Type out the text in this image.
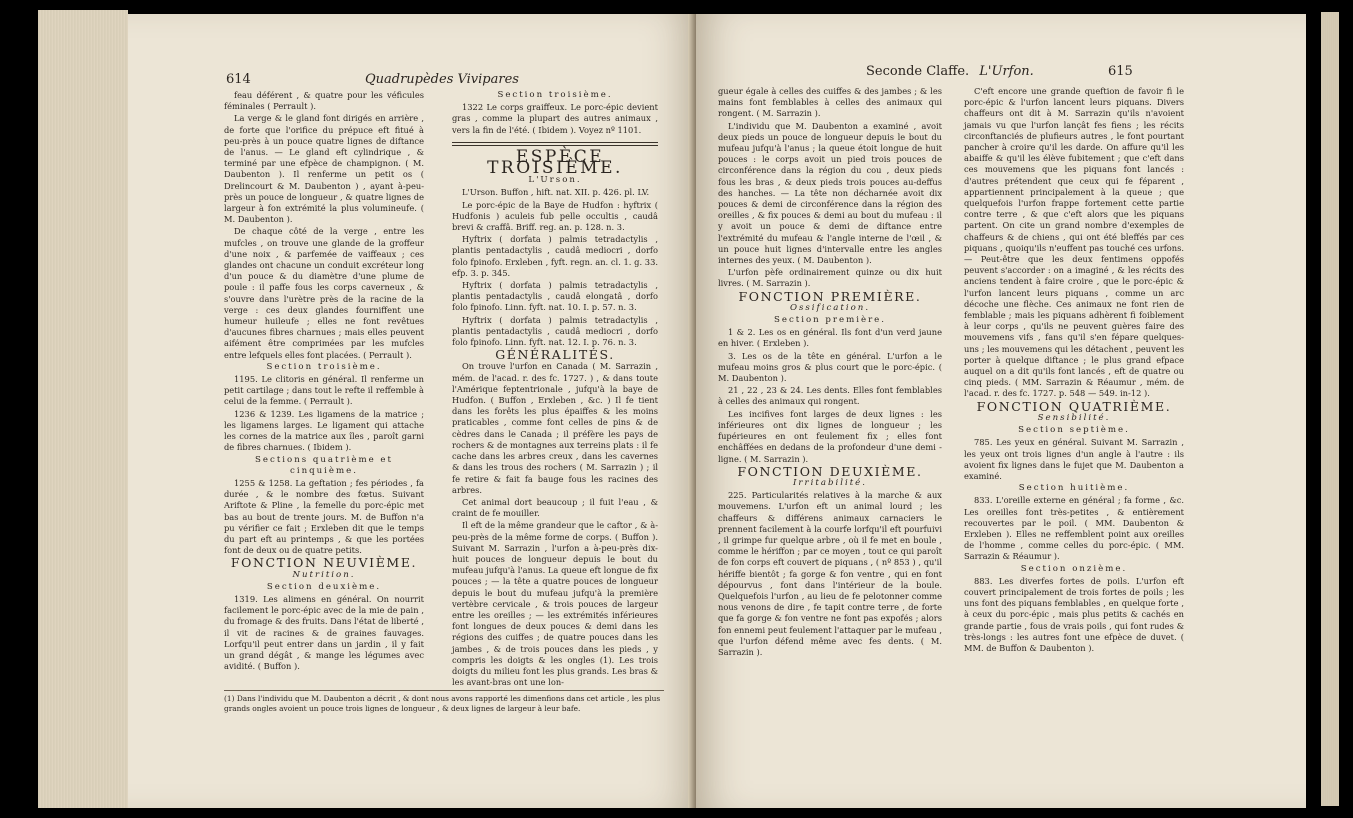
614	Quadrupèdes Vivipares

feau déférent , & quatre pour les véficules féminales ( Perrault ).

La verge & le gland font dirigés en arrière , de forte que l'orifice du prépuce eft fitué à peu-près à un pouce quatre lignes de diftance de l'anus. — Le gland eft cylindrique , & terminé par une efpèce de champignon. ( M. Daubenton ). Il renferme un petit os ( Drelincourt & M. Daubenton ) , ayant à-peu-près un pouce de longueur , & quatre lignes de largeur à fon extrémité la plus volumineufe. ( M. Daubenton ).

De chaque côté de la verge , entre les mufcles , on trouve une glande de la groffeur d'une noix , & parfemée de vaiffeaux ; ces glandes ont chacune un conduit excréteur long d'un pouce & du diamètre d'une plume de poule : il paffe fous les corps caverneux , & s'ouvre dans l'urètre près de la racine de la verge : ces deux glandes fourniffent une humeur huileufe ; elles ne font revêtues d'aucunes fibres charnues ; mais elles peuvent aifément être comprimées par les mufcles entre lefquels elles font placées. ( Perrault ).

Section troisième.

1195. Le clitoris en général. Il renferme un petit cartilage ; dans tout le refte il reffemble à celui de la femme. ( Perrault ).

1236 & 1239. Les ligamens de la matrice ; les ligamens larges. Le ligament qui attache les cornes de la matrice aux îles , paroît garni de fibres charnues. ( Ibidem ).

Sections quatrième et cinquième.

1255 & 1258. La geftation ; fes périodes , fa durée , & le nombre des fœtus. Suivant Ariftote & Pline , la femelle du porc-épic met bas au bout de trente jours. M. de Buffon n'a pu vérifier ce fait ; Erxleben dit que le temps du part eft au printemps , & que les portées font de deux ou de quatre petits.

FONCTION NEUVIÈME.

Nutrition.

Section deuxième.

1319. Les alimens en général. On nourrit facilement le porc-épic avec de la mie de pain , du fromage & des fruits. Dans l'état de liberté , il vit de racines & de graines fauvages. Lorfqu'il peut entrer dans un jardin , il y fait un grand dégât , & mange les légumes avec avidité. ( Buffon ).

Section troisième.

1322 Le corps graiffeux. Le porc-épic devient gras , comme la plupart des autres animaux , vers la fin de l'été. ( Ibidem ). Voyez nº 1101.

ESPÈCE TROISIÈME.

L'Urson.

L'Urson. Buffon , hift. nat. XII. p. 426. pl. LV.

Le porc-épic de la Baye de Hudfon : hyftrix ( Hudfonis ) aculeis fub pelle occultis , caudâ brevi & craffâ. Briff. reg. an. p. 128. n. 3.

Hyftrix ( dorfata ) palmis tetradactylis , plantis pentadactylis , caudâ mediocri , dorfo folo fpinofo. Erxleben , fyft. regn. an. cl. 1. g. 33. efp. 3. p. 345.

Hyftrix ( dorfata ) palmis tetradactylis , plantis pentadactylis , caudâ elongatâ , dorfo folo fpinofo. Linn. fyft. nat. 10. I. p. 57. n. 3.

Hyftrix ( dorfata ) palmis tetradactylis , plantis pentadactylis , caudâ mediocri , dorfo folo fpinofo. Linn. fyft. nat. 12. I. p. 76. n. 3.

GÉNÉRALITÉS.

On trouve l'urfon en Canada ( M. Sarrazin , mém. de l'acad. r. des fc. 1727. ) , & dans toute l'Amérique feptentrionale , jufqu'à la baye de Hudfon. ( Buffon , Erxleben , &c. ) Il fe tient dans les forêts les plus épaiffes & les moins praticables , comme font celles de pins & de cèdres dans le Canada ; il préfère les pays de rochers & de montagnes aux terreins plats : il fe cache dans les arbres creux , dans les cavernes & dans les trous des rochers ( M. Sarrazin ) ; il fe retire & fait fa bauge fous les racines des arbres.

Cet animal dort beaucoup ; il fuit l'eau , & craint de fe mouiller.

Il eft de la même grandeur que le caftor , & à-peu-près de la même forme de corps. ( Buffon ). Suivant M. Sarrazin , l'urfon a à-peu-près dix-huit pouces de longueur depuis le bout du mufeau jufqu'à l'anus. La queue eft longue de fix pouces ; — la tête a quatre pouces de longueur depuis le bout du mufeau jufqu'à la première vertèbre cervicale , & trois pouces de largeur entre les oreilles ; — les extrémités inférieures font longues de deux pouces & demi dans les régions des cuiffes ; de quatre pouces dans les jambes , & de trois pouces dans les pieds , y compris les doigts & les ongles (1). Les trois doigts du milieu font les plus grands. Les bras & les avant-bras ont une lon-

(1) Dans l'individu que M. Daubenton a décrit , & dont nous avons rapporté les dimenfions dans cet article , les plus grands ongles avoient un pouce trois lignes de longueur , & deux lignes de largeur à leur bafe.
Seconde Claffe. L'Urfon.	615

gueur égale à celles des cuiffes & des jambes ; & les mains font femblables à celles des animaux qui rongent. ( M. Sarrazin ).

L'individu que M. Daubenton a examiné , avoit deux pieds un pouce de longueur depuis le bout du mufeau jufqu'à l'anus ; la queue étoit longue de huit pouces : le corps avoit un pied trois pouces de circonférence dans la région du cou , deux pieds fous les bras , & deux pieds trois pouces au-deffus des hanches. — La tête non décharnée avoit dix pouces & demi de circonférence dans la région des oreilles , & fix pouces & demi au bout du mufeau : il y avoit un pouce & demi de diftance entre l'extrémité du mufeau & l'angle interne de l'œil , & un pouce huit lignes d'intervalle entre les angles internes des yeux. ( M. Daubenton ).

L'urfon pèfe ordinairement quinze ou dix huit livres. ( M. Sarrazin ).

FONCTION PREMIÈRE.

Ossification.

Section première.

1 & 2. Les os en général. Ils font d'un verd jaune en hiver. ( Erxleben ).

3. Les os de la tête en général. L'urfon a le mufeau moins gros & plus court que le porc-épic. ( M. Daubenton ).

21 , 22 , 23 & 24. Les dents. Elles font femblables à celles des animaux qui rongent.

Les incifives font larges de deux lignes : les inférieures ont dix lignes de longueur ; les fupérieures en ont feulement fix ; elles font enchâffées en dedans de la profondeur d'une demi - ligne. ( M. Sarrazin ).

FONCTION DEUXIÈME.

Irritabilité.

225. Particularités relatives à la marche & aux mouvemens. L'urfon eft un animal lourd ; les chaffeurs & différens animaux carnaciers le prennent facilement à la courfe lorfqu'il eft pourfuivi , il grimpe fur quelque arbre , où il fe met en boule , comme le hériffon ; par ce moyen , tout ce qui paroît de fon corps eft couvert de piquans , ( nº 853 ) , qu'il hériffe bientôt ; fa gorge & fon ventre , qui en font dépourvus , font dans l'intérieur de la boule. Quelquefois l'urfon , au lieu de fe pelotonner comme nous venons de dire , fe tapit contre terre , de forte que fa gorge & fon ventre ne font pas expofés ; alors fon ennemi peut feulement l'attaquer par le mufeau , que l'urfon défend même avec fes dents. ( M. Sarrazin ).

C'eft encore une grande queftion de favoir fi le porc-épic & l'urfon lancent leurs piquans. Divers chaffeurs ont dit à M. Sarrazin qu'ils n'avoient jamais vu que l'urfon lançât fes fiens ; les récits circonftanciés de plufieurs autres , le font pourtant pancher à croire qu'il les darde. On affure qu'il les abaiffe & qu'il les élève fubitement ; que c'eft dans ces mouvemens que les piquans font lancés : d'autres prétendent que ceux qui fe féparent , appartiennent principalement à la queue ; que quelquefois l'urfon frappe fortement cette partie contre terre , & que c'eft alors que les piquans partent. On cite un grand nombre d'exemples de chaffeurs & de chiens , qui ont été bleffés par ces piquans , quoiqu'ils n'euffent pas touché ces urfons. — Peut-être que les deux fentimens oppofés peuvent s'accorder : on a imaginé , & les récits des anciens tendent à faire croire , que le porc-épic & l'urfon lancent leurs piquans , comme un arc décoche une flèche. Ces animaux ne font rien de femblable ; mais les piquans adhèrent fi foiblement à leur corps , qu'ils ne peuvent guères faire des mouvemens vifs , fans qu'il s'en fépare quelques-uns ; les mouvemens qui les détachent , peuvent les porter à quelque diftance ; le plus grand efpace auquel on a dit qu'ils font lancés , eft de quatre ou cinq pieds. ( MM. Sarrazin & Réaumur , mém. de l'acad. r. des fc. 1727. p. 548 — 549. in-12 ).

FONCTION QUATRIÈME.

Sensibilité.

Section septième.

785. Les yeux en général. Suivant M. Sarrazin , les yeux ont trois lignes d'un angle à l'autre : ils avoient fix lignes dans le fujet que M. Daubenton a examiné.

Section huitième.

833. L'oreille externe en général ; fa forme , &c. Les oreilles font très-petites , & entièrement recouvertes par le poil. ( MM. Daubenton & Erxleben ). Elles ne reffemblent point aux oreilles de l'homme , comme celles du porc-épic. ( MM. Sarrazin & Réaumur ).

Section onzième.

883. Les diverfes fortes de poils. L'urfon eft couvert principalement de trois fortes de poils ; les uns font des piquans femblables , en quelque forte , à ceux du porc-épic , mais plus petits & cachés en grande partie , fous de vrais poils , qui font rudes & très-longs : les autres font une efpèce de duvet. ( MM. de Buffon & Daubenton ).
